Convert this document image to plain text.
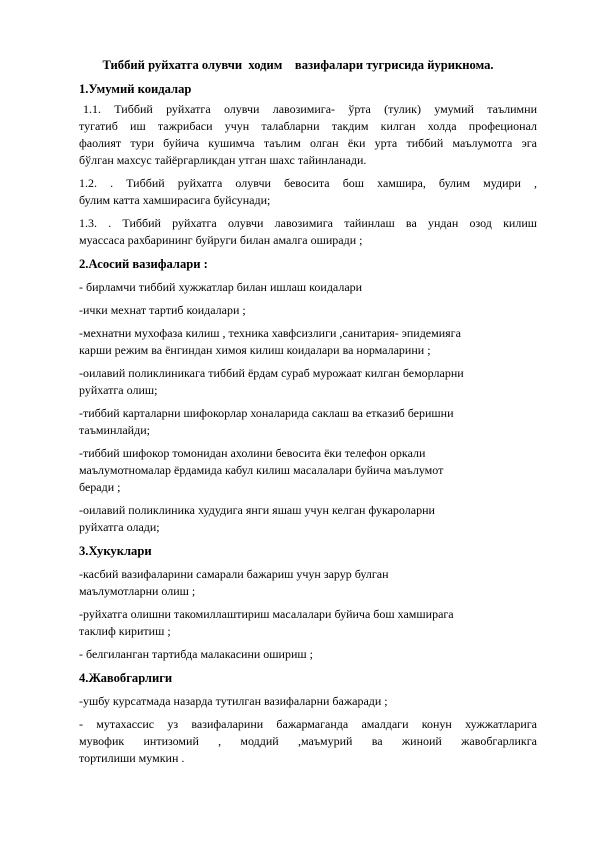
Тиббий руйхатга олувчи  ходим    вазифалари тугрисида йурикнома.
1.Умумий коидалар
1.1. Тиббий руйхатга олувчи лавозимига- ўрта (тулик) умумий таълимни
тугатиб иш тажрибаси учун талабларни такдим килган холда профеционал
фаолият тури буйича кушимча таълим олган ёки урта тиббий маълумотга эга
бўлган махсус тайёргарликдан утган шахс тайинланади.
1.2. . Тиббий руйхатга олувчи бевосита бош хамшира, булим мудири ,
булим катта хамширасига буйсунади;
1.3. . Тиббий руйхатга олувчи лавозимига тайинлаш ва ундан озод килиш
муассаса рахбарининг буйруги билан амалга оширади ;
2.Асосий вазифалари :
- бирламчи тиббий хужжатлар билан ишлаш коидалари
-ички мехнат тартиб коидалари ;
-мехнатни мухофаза килиш , техника хавфсизлиги ,санитария- эпидемияга
карши режим ва ёнгиндан химоя килиш коидалари ва нормаларини ;
-оилавий поликлиникага тиббий ёрдам сураб мурожаат килган беморларни
руйхатга олиш;
-тиббий карталарни шифокорлар хоналарида саклаш ва етказиб беришни
таъминлайди;
-тиббий шифокор томонидан ахолини бевосита ёки телефон оркали
маълумотномалар ёрдамида кабул килиш масалалари буйича маълумот
беради ;
-оилавий поликлиника худудига янги яшаш учун келган фукароларни
руйхатга олади;
3.Хукуклари
-касбий вазифаларини самарали бажариш учун зарур булган
маълумотларни олиш ;
-руйхатга олишни такомиллаштириш масалалари буйича бош хамширага
таклиф киритиш ;
- белгиланган тартибда малакасини ошириш ;
4.Жавобгарлиги
-ушбу курсатмада назарда тутилган вазифаларни бажаради ;
- мутахассис уз вазифаларини бажармаганда амалдаги конун хужжатларига
мувофик интизомий , моддий ,маъмурий ва жиноий жавобгарликга
тортилиши мумкин .
